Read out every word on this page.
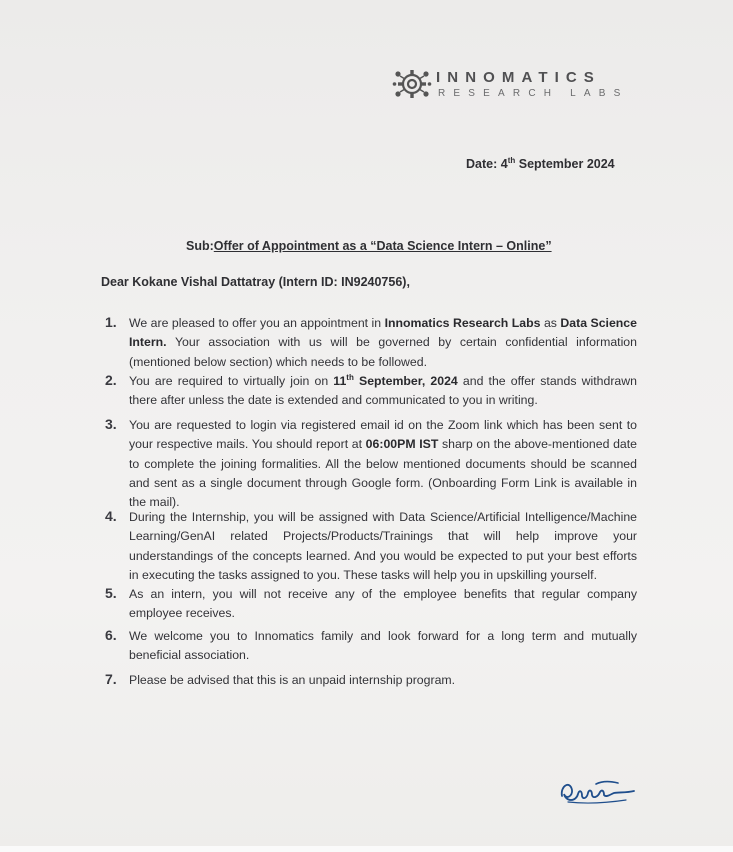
INNOMATICS
RESEARCH LABS
Date: 4th September 2024
Sub:Offer of Appointment as a “Data Science Intern – Online”
Dear Kokane Vishal Dattatray (Intern ID: IN9240756),
1. We are pleased to offer you an appointment in Innomatics Research Labs as Data Science Intern. Your association with us will be governed by certain confidential information (mentioned below section) which needs to be followed.
2. You are required to virtually join on 11th September, 2024 and the offer stands withdrawn there after unless the date is extended and communicated to you in writing.
3. You are requested to login via registered email id on the Zoom link which has been sent to your respective mails. You should report at 06:00PM IST sharp on the above-mentioned date to complete the joining formalities. All the below mentioned documents should be scanned and sent as a single document through Google form. (Onboarding Form Link is available in the mail).
4. During the Internship, you will be assigned with Data Science/Artificial Intelligence/Machine Learning/GenAI related Projects/Products/Trainings that will help improve your understandings of the concepts learned. And you would be expected to put your best efforts in executing the tasks assigned to you. These tasks will help you in upskilling yourself.
5. As an intern, you will not receive any of the employee benefits that regular company employee receives.
6. We welcome you to Innomatics family and look forward for a long term and mutually beneficial association.
7. Please be advised that this is an unpaid internship program.
